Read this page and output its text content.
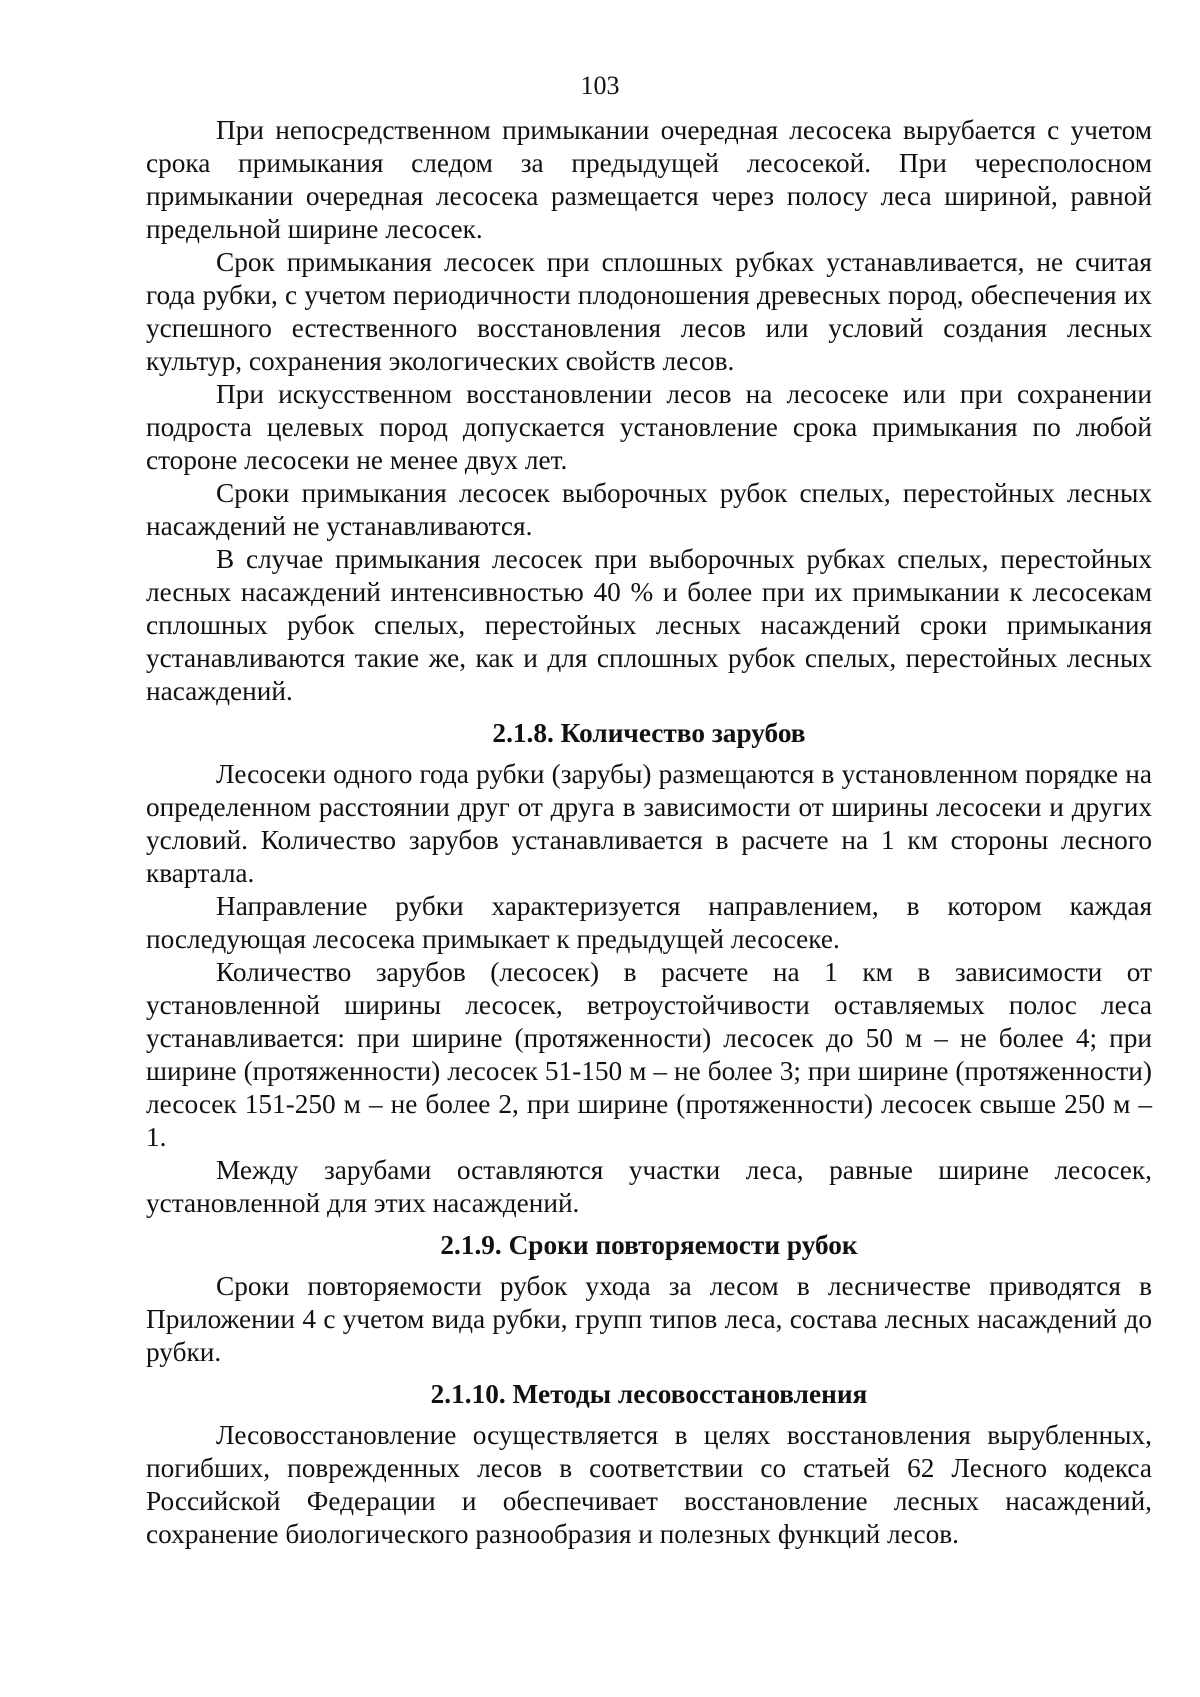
103

При непосредственном примыкании очередная лесосека вырубается с учетом срока примыкания следом за предыдущей лесосекой. При чересполосном примыкании очередная лесосека размещается через полосу леса шириной, равной предельной ширине лесосек.

Срок примыкания лесосек при сплошных рубках устанавливается, не считая года рубки, с учетом периодичности плодоношения древесных пород, обеспечения их успешного естественного восстановления лесов или условий создания лесных культур, сохранения экологических свойств лесов.

При искусственном восстановлении лесов на лесосеке или при сохранении подроста целевых пород допускается установление срока примыкания по любой стороне лесосеки не менее двух лет.

Сроки примыкания лесосек выборочных рубок спелых, перестойных лесных насаждений не устанавливаются.

В случае примыкания лесосек при выборочных рубках спелых, перестойных лесных насаждений интенсивностью 40 % и более при их примыкании к лесосекам сплошных рубок спелых, перестойных лесных насаждений сроки примыкания устанавливаются такие же, как и для сплошных рубок спелых, перестойных лесных насаждений.

2.1.8. Количество зарубов

Лесосеки одного года рубки (зарубы) размещаются в установленном порядке на определенном расстоянии друг от друга в зависимости от ширины лесосеки и других условий. Количество зарубов устанавливается в расчете на 1 км стороны лесного квартала.

Направление рубки характеризуется направлением, в котором каждая последующая лесосека примыкает к предыдущей лесосеке.

Количество зарубов (лесосек) в расчете на 1 км в зависимости от установленной ширины лесосек, ветроустойчивости оставляемых полос леса устанавливается: при ширине (протяженности) лесосек до 50 м – не более 4; при ширине (протяженности) лесосек 51-150 м – не более 3; при ширине (протяженности) лесосек 151-250 м – не более 2, при ширине (протяженности) лесосек свыше 250 м – 1.

Между зарубами оставляются участки леса, равные ширине лесосек, установленной для этих насаждений.

2.1.9. Сроки повторяемости рубок

Сроки повторяемости рубок ухода за лесом в лесничестве приводятся в Приложении 4 с учетом вида рубки, групп типов леса, состава лесных насаждений до рубки.

2.1.10. Методы лесовосстановления

Лесовосстановление осуществляется в целях восстановления вырубленных, погибших, поврежденных лесов в соответствии со статьей 62 Лесного кодекса Российской Федерации и обеспечивает восстановление лесных насаждений, сохранение биологического разнообразия и полезных функций лесов.
